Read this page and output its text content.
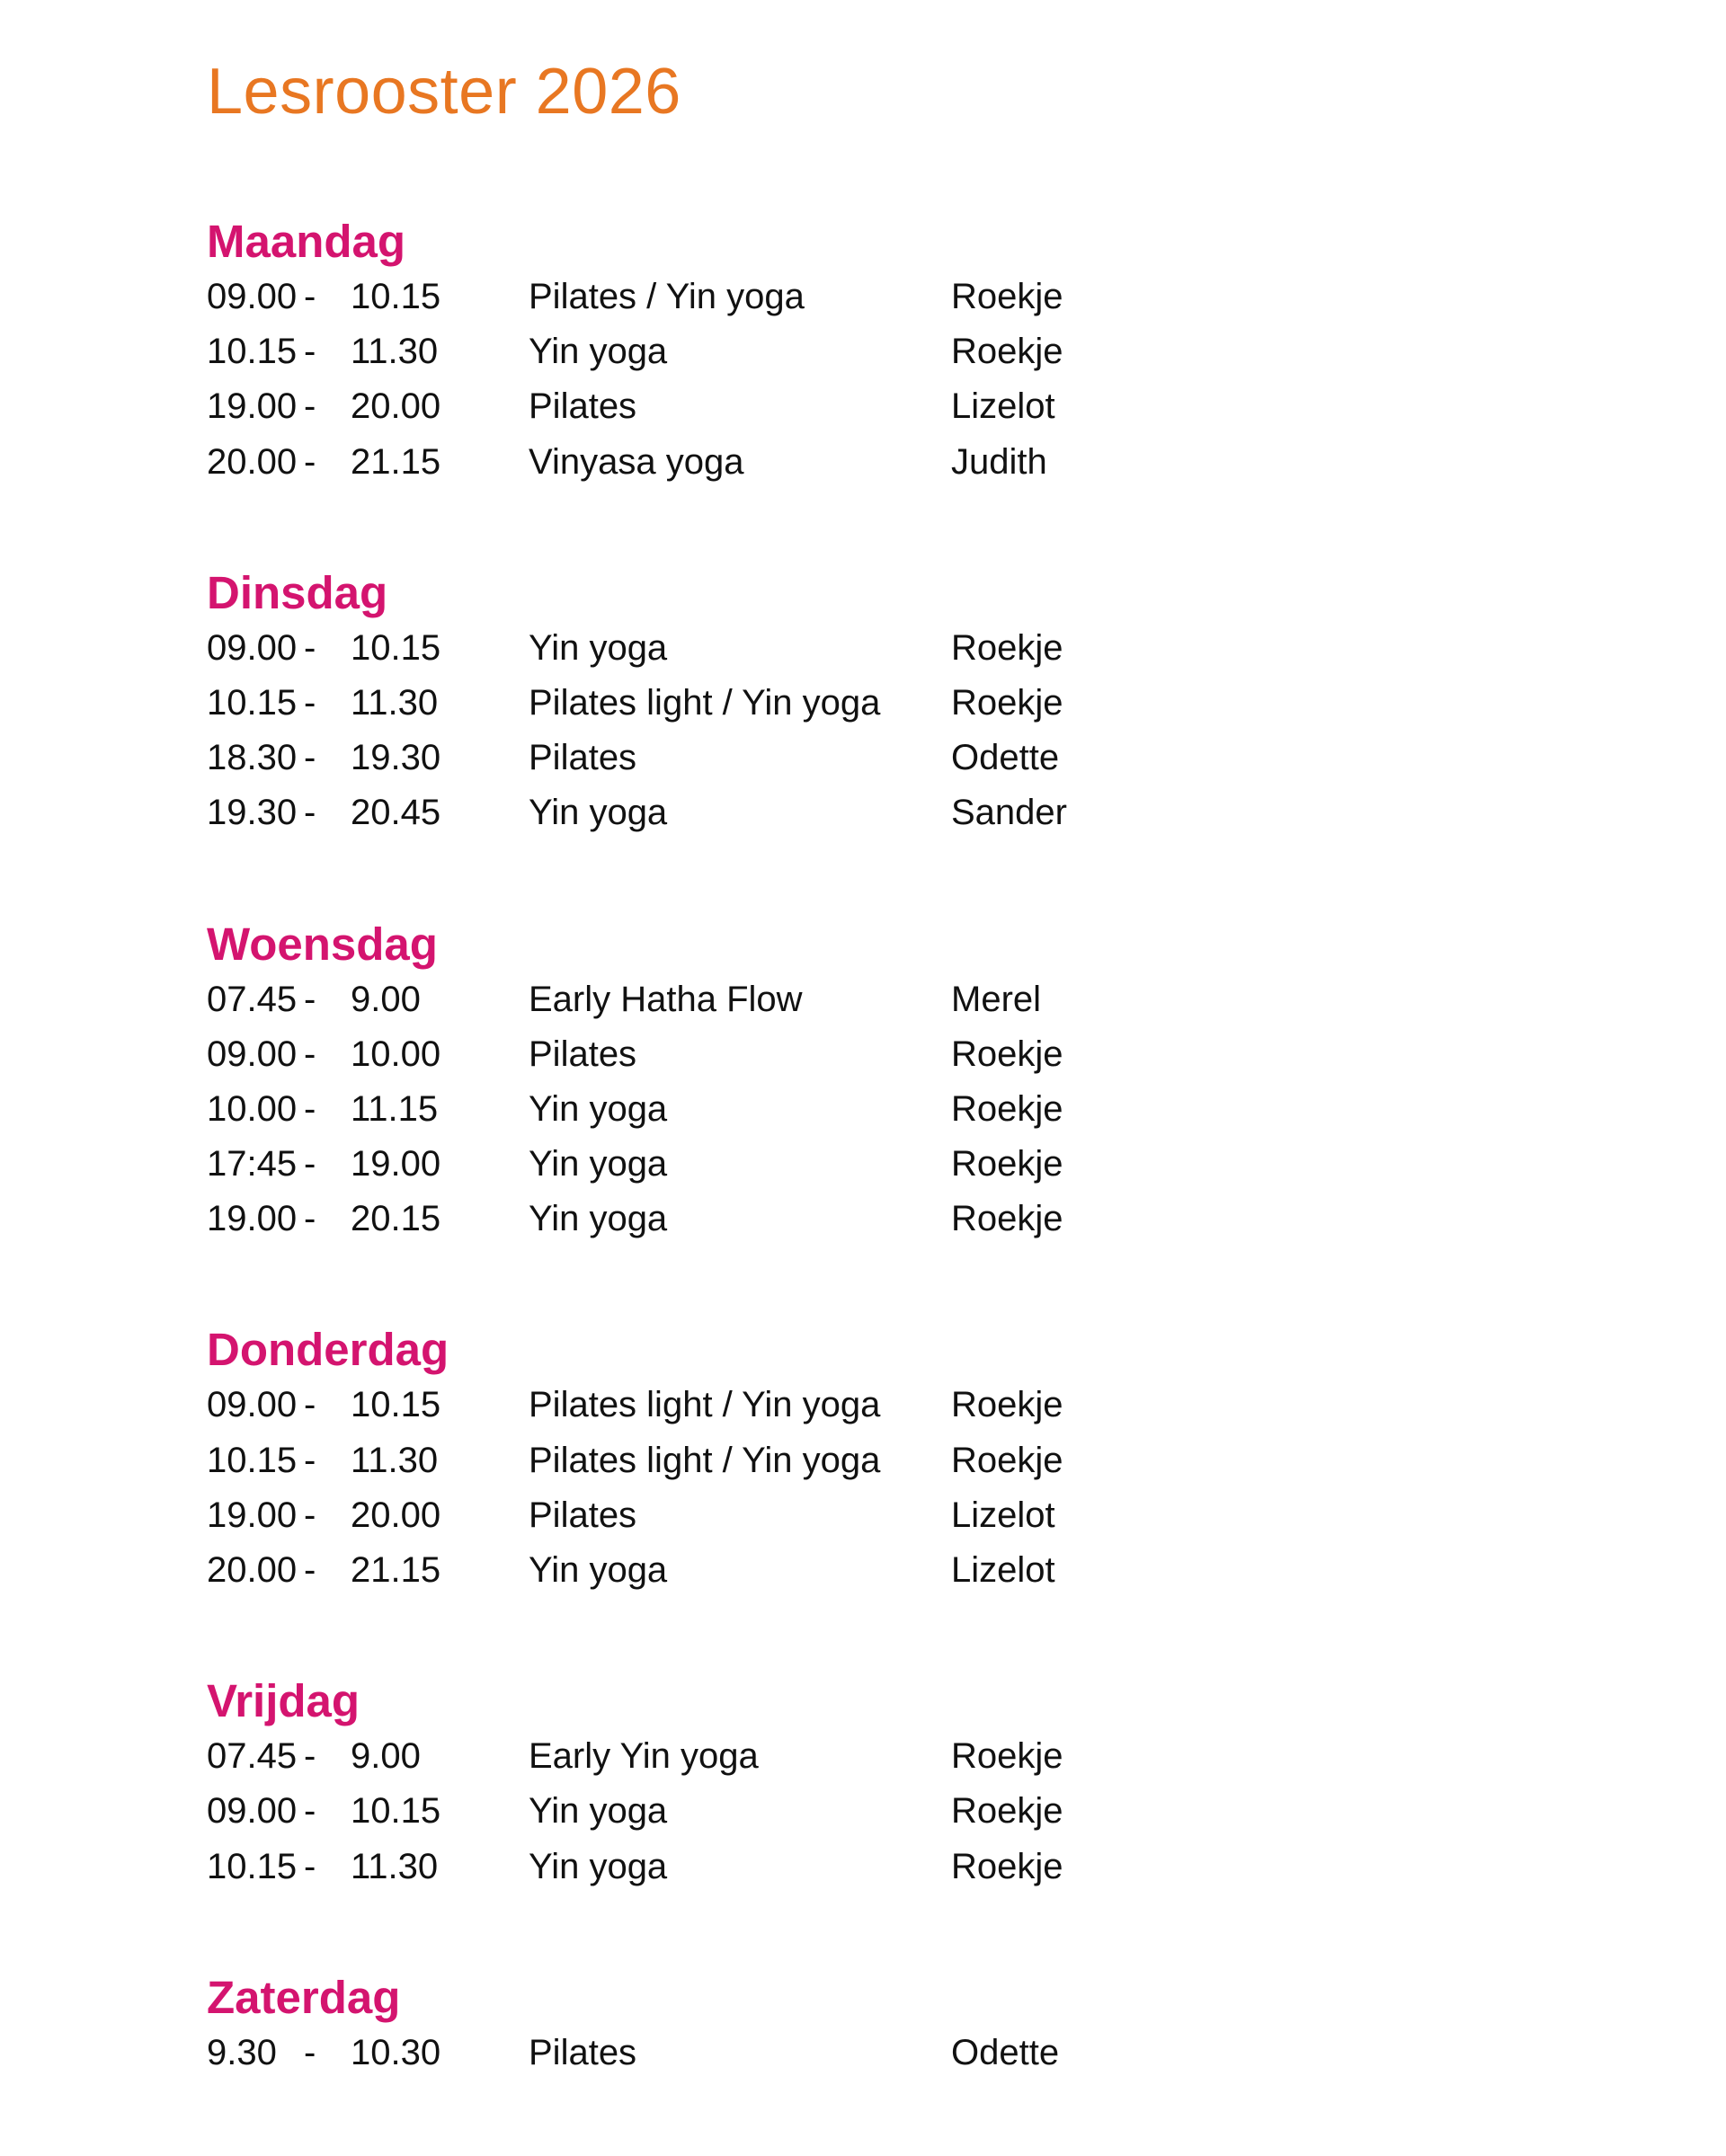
Lesrooster 2026
Maandag
09.00 - 10.15	Pilates / Yin yoga	Roekje
10.15 - 11.30	Yin yoga	Roekje
19.00 - 20.00	Pilates	Lizelot
20.00 - 21.15	Vinyasa yoga	Judith
Dinsdag
09.00 - 10.15	Yin yoga	Roekje
10.15 - 11.30	Pilates light / Yin yoga	Roekje
18.30 - 19.30	Pilates	Odette
19.30 - 20.45	Yin yoga	Sander
Woensdag
07.45 - 9.00	Early Hatha Flow	Merel
09.00 - 10.00	Pilates	Roekje
10.00 - 11.15	Yin yoga	Roekje
17:45 - 19.00	Yin yoga	Roekje
19.00 - 20.15	Yin yoga	Roekje
Donderdag
09.00 - 10.15	Pilates light / Yin yoga	Roekje
10.15 - 11.30	Pilates light / Yin yoga	Roekje
19.00 - 20.00	Pilates	Lizelot
20.00 - 21.15	Yin yoga	Lizelot
Vrijdag
07.45 - 9.00	Early Yin yoga	Roekje
09.00 - 10.15	Yin yoga	Roekje
10.15 - 11.30	Yin yoga	Roekje
Zaterdag
9.30 - 10.30	Pilates	Odette
